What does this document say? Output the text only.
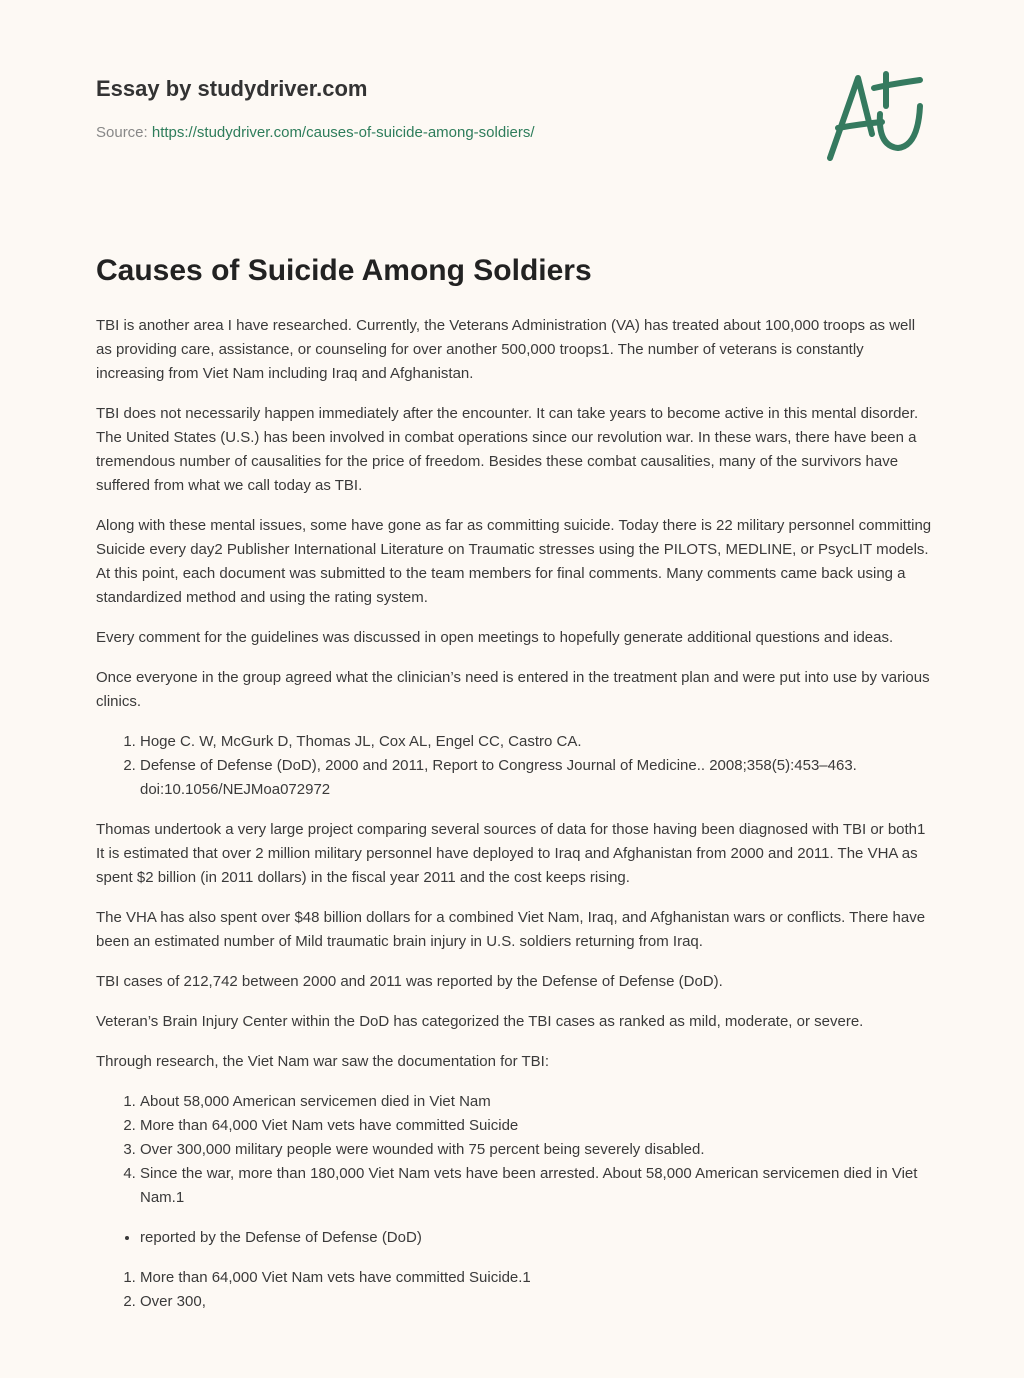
Essay by studydriver.com
Source: https://studydriver.com/causes-of-suicide-among-soldiers/
Causes of Suicide Among Soldiers

TBI is another area I have researched. Currently, the Veterans Administration (VA) has treated about 100,000 troops as well as providing care, assistance, or counseling for over another 500,000 troops1. The number of veterans is constantly increasing from Viet Nam including Iraq and Afghanistan.

TBI does not necessarily happen immediately after the encounter. It can take years to become active in this mental disorder. The United States (U.S.) has been involved in combat operations since our revolution war. In these wars, there have been a tremendous number of causalities for the price of freedom. Besides these combat causalities, many of the survivors have suffered from what we call today as TBI.

Along with these mental issues, some have gone as far as committing suicide. Today there is 22 military personnel committing Suicide every day2 Publisher International Literature on Traumatic stresses using the PILOTS, MEDLINE, or PsycLIT models. At this point, each document was submitted to the team members for final comments. Many comments came back using a standardized method and using the rating system.

Every comment for the guidelines was discussed in open meetings to hopefully generate additional questions and ideas.

Once everyone in the group agreed what the clinician’s need is entered in the treatment plan and were put into use by various clinics.

1. Hoge C. W, McGurk D, Thomas JL, Cox AL, Engel CC, Castro CA.
2. Defense of Defense (DoD), 2000 and 2011, Report to Congress Journal of Medicine.. 2008;358(5):453–463. doi:10.1056/NEJMoa072972

Thomas undertook a very large project comparing several sources of data for those having been diagnosed with TBI or both1 It is estimated that over 2 million military personnel have deployed to Iraq and Afghanistan from 2000 and 2011. The VHA as spent $2 billion (in 2011 dollars) in the fiscal year 2011 and the cost keeps rising.

The VHA has also spent over $48 billion dollars for a combined Viet Nam, Iraq, and Afghanistan wars or conflicts. There have been an estimated number of Mild traumatic brain injury in U.S. soldiers returning from Iraq.

TBI cases of 212,742 between 2000 and 2011 was reported by the Defense of Defense (DoD).

Veteran’s Brain Injury Center within the DoD has categorized the TBI cases as ranked as mild, moderate, or severe.

Through research, the Viet Nam war saw the documentation for TBI:

1. About 58,000 American servicemen died in Viet Nam
2. More than 64,000 Viet Nam vets have committed Suicide
3. Over 300,000 military people were wounded with 75 percent being severely disabled.
4. Since the war, more than 180,000 Viet Nam vets have been arrested. About 58,000 American servicemen died in Viet Nam.1
• reported by the Defense of Defense (DoD)
1. More than 64,000 Viet Nam vets have committed Suicide.1
2. Over 300,
